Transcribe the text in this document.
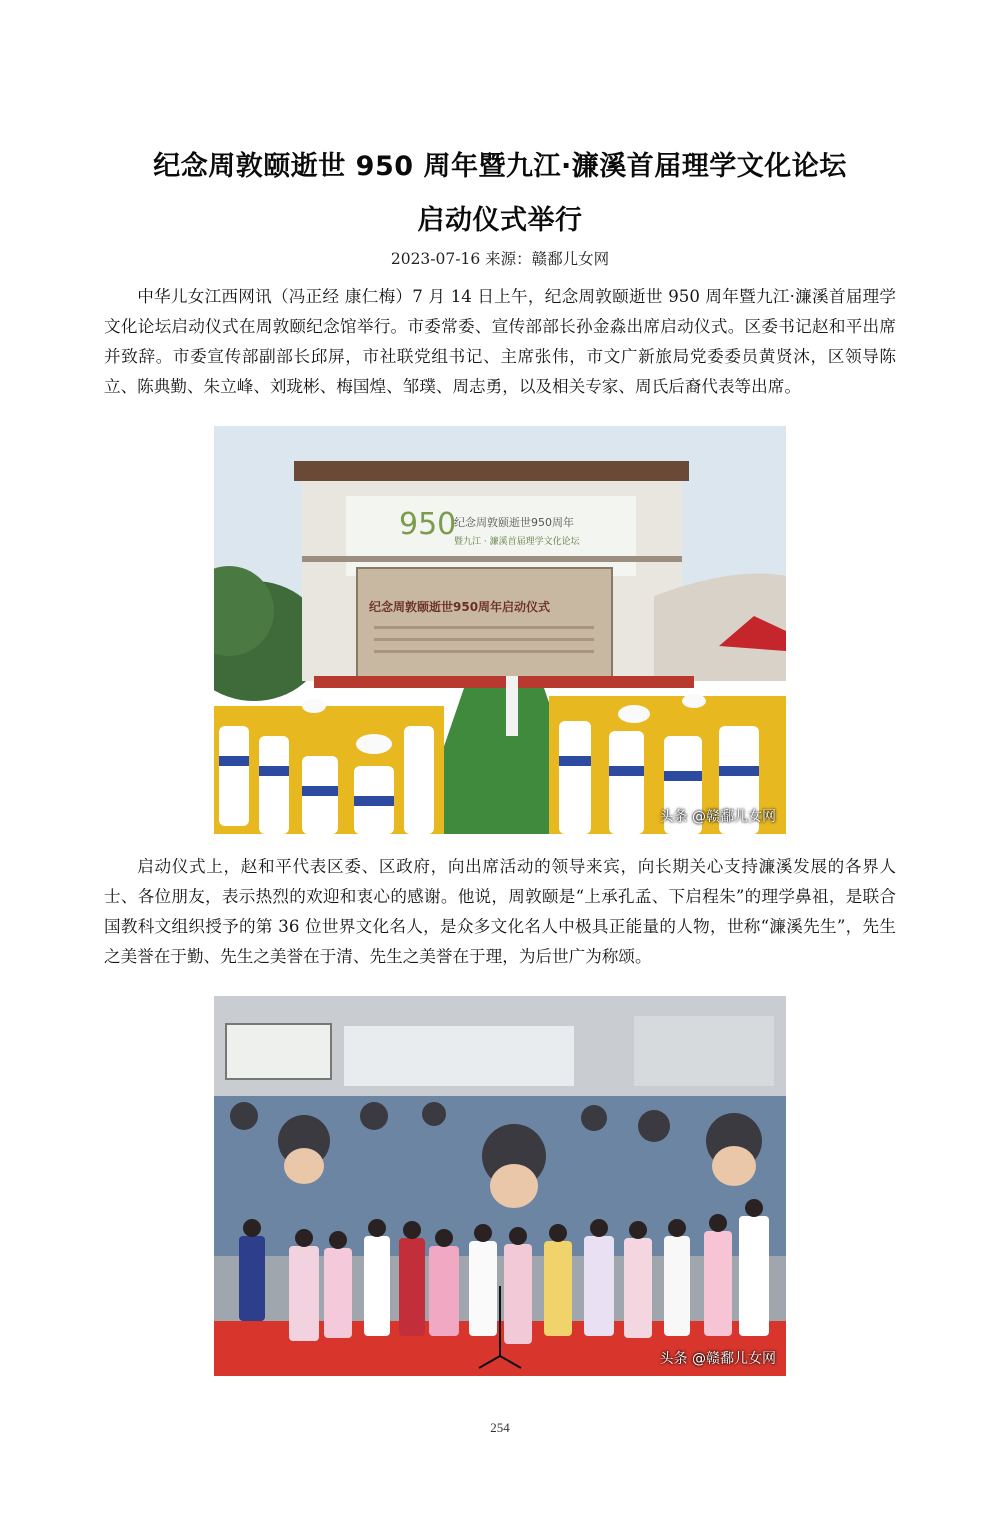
纪念周敦颐逝世 950 周年暨九江·濂溪首届理学文化论坛
启动仪式举行
2023-07-16 来源：赣鄱儿女网

中华儿女江西网讯（冯正经 康仁梅）7 月 14 日上午，纪念周敦颐逝世 950 周年暨九江·濂溪首届理学文化论坛启动仪式在周敦颐纪念馆举行。市委常委、宣传部部长孙金淼出席启动仪式。区委书记赵和平出席并致辞。市委宣传部副部长邱屏，市社联党组书记、主席张伟，市文广新旅局党委委员黄贤沐，区领导陈立、陈典勤、朱立峰、刘珑彬、梅国煌、邹璞、周志勇，以及相关专家、周氏后裔代表等出席。

950
纪念周敦颐逝世950周年
暨九江 · 濂溪首届理学文化论坛
纪念周敦颐逝世950周年启动仪式
头条 @赣鄱儿女网

启动仪式上，赵和平代表区委、区政府，向出席活动的领导来宾，向长期关心支持濂溪发展的各界人士、各位朋友，表示热烈的欢迎和衷心的感谢。他说，周敦颐是“上承孔孟、下启程朱”的理学鼻祖，是联合国教科文组织授予的第 36 位世界文化名人，是众多文化名人中极具正能量的人物，世称“濂溪先生”，先生之美誉在于勤、先生之美誉在于清、先生之美誉在于理，为后世广为称颂。

头条 @赣鄱儿女网
254
